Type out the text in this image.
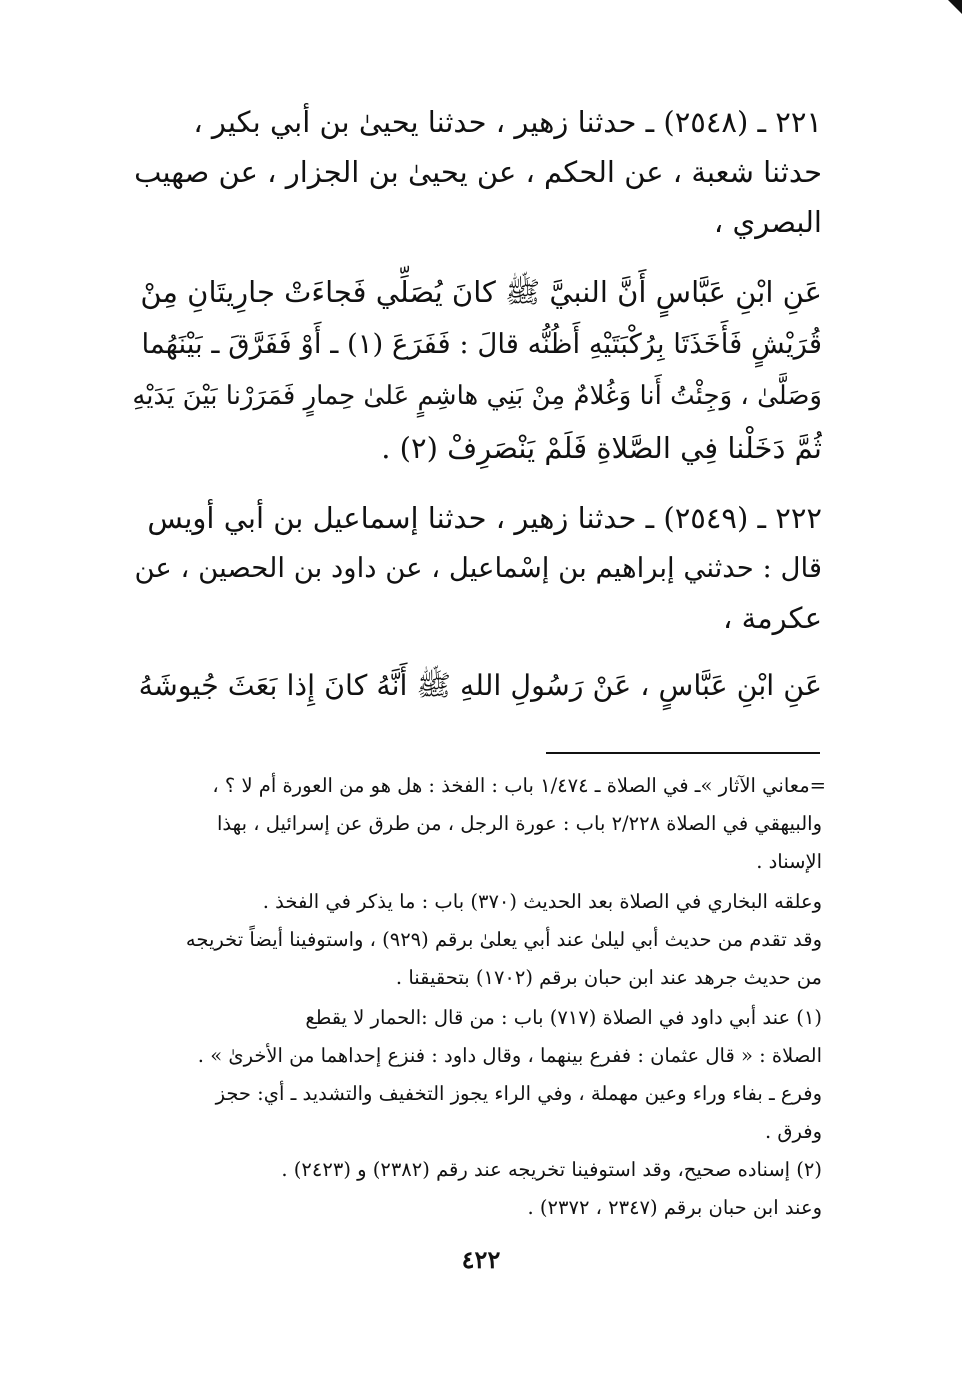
٢٢١ ـ (٢٥٤٨) ـ حدثنا زهير ، حدثنا يحيىٰ بن أبي بكير ،
حدثنا شعبة ، عن الحكم ، عن يحيىٰ بن الجزار ، عن صهيب
البصري ،
عَنِ ابْنِ عَبَّاسٍ أَنَّ النبيَّ ﷺ كانَ يُصَلِّي فَجاءَتْ جارِيتَانِ مِنْ
قُرَيْشٍ فَأَخَذَتَا بِرُكْبَتَيْهِ أَظُنُّه قالَ : فَفَرَعَ (١) ـ أَوْ فَفَرَّقَ ـ بَيْنَهُما
وَصَلَّىٰ ، وَجِئْتُ أَنا وَغُلامٌ مِنْ بَنِي هاشِمٍ عَلىٰ حِمارٍ فَمَرَرْنا بَيْنَ يَدَيْهِ
ثُمَّ دَخَلْنا فِي الصَّلاةِ فَلَمْ يَنْصَرِفْ (٢) .
٢٢٢ ـ (٢٥٤٩) ـ حدثنا زهير ، حدثنا إسماعيل بن أبي أويس
قال : حدثني إبراهيم بن إسْماعيل ، عن داود بن الحصين ، عن
عكرمة ،
عَنِ ابْنِ عَبَّاسٍ ، عَنْ رَسُولِ اللهِ ﷺ أَنَّهُ كانَ إِذا بَعَثَ جُيوشَهُ
=معاني الآثار »ـ في الصلاة ـ ١/٤٧٤ باب : الفخذ : هل هو من العورة أم لا ؟ ،
والبيهقي في الصلاة ٢/٢٢٨ باب : عورة الرجل ، من طرق عن إسرائيل ، بهذا
الإسناد .
وعلقه البخاري في الصلاة بعد الحديث (٣٧٠) باب : ما يذكر في الفخذ .
وقد تقدم من حديث أبي ليلىٰ عند أبي يعلىٰ برقم (٩٢٩) ، واستوفينا أيضاً تخريجه
من حديث جرهد عند ابن حبان برقم (١٧٠٢) بتحقيقنا .
(١) عند أبي داود في الصلاة (٧١٧) باب : من قال :الحمار لا يقطع
الصلاة : « قال عثمان : ففرع بينهما ، وقال داود : فنزع إحداهما من الأخرىٰ » .
وفرع ـ بفاء وراء وعين مهملة ، وفي الراء يجوز التخفيف والتشديد ـ أي: حجز
وفرق .
(٢) إسناده صحيح، وقد استوفينا تخريجه عند رقم (٢٣٨٢) و (٢٤٢٣) .
وعند ابن حبان برقم (٢٣٤٧ ، ٢٣٧٢) .
٤٢٢
